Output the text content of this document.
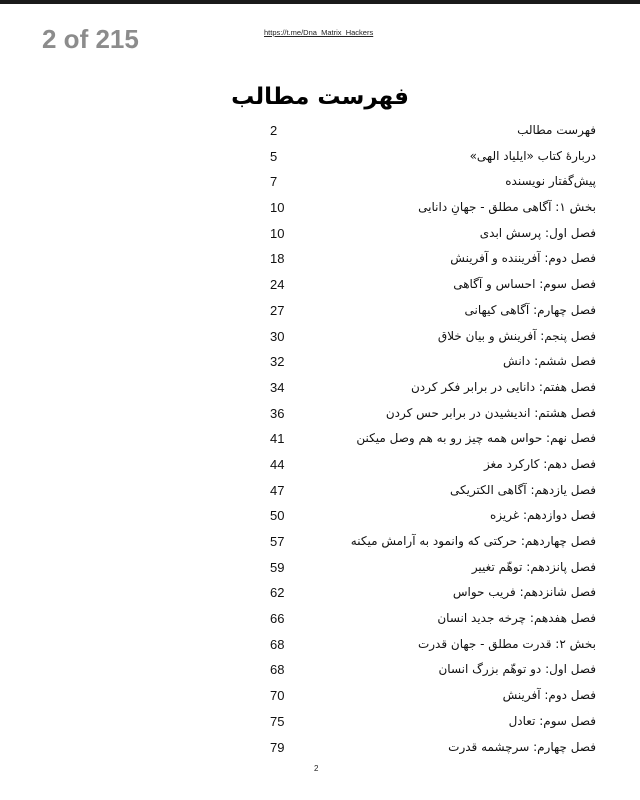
2 of 215	https://t.me/Dna_Matrix_Hackers
فهرست مطالب
2	فهرست مطالب
5	دربارهٔ کتاب «ایلیاد الهی»
7	پیش‌گفتار نویسنده
10	بخش ۱: آگاهی مطلق - جهانِ دانایی
10	فصل اول: پرسش ابدی
18	فصل دوم: آفریننده و آفرینش
24	فصل سوم: احساس و آگاهی
27	فصل چهارم: آگاهی کیهانی
30	فصل پنجم: آفرینش و بیان خلاق
32	فصل ششم: دانش
34	فصل هفتم: دانایی در برابر فکر کردن
36	فصل هشتم: اندیشیدن در برابر حس کردن
41	فصل نهم: حواس همه چیز رو به هم وصل میکنن
44	فصل دهم: کارکرد مغز
47	فصل یازدهم: آگاهی الکتریکی
50	فصل دوازدهم: غریزه
57	فصل چهاردهم: حرکتی که وانمود به آرامش میکنه
59	فصل پانزدهم: توهّم تغییر
62	فصل شانزدهم: فریب حواس
66	فصل هفدهم: چرخه جدید انسان
68	بخش ۲: قدرت مطلق - جهان قدرت
68	فصل اول: دو توهّم بزرگ انسان
70	فصل دوم: آفرینش
75	فصل سوم: تعادل
79	فصل چهارم: سرچشمه قدرت
2
